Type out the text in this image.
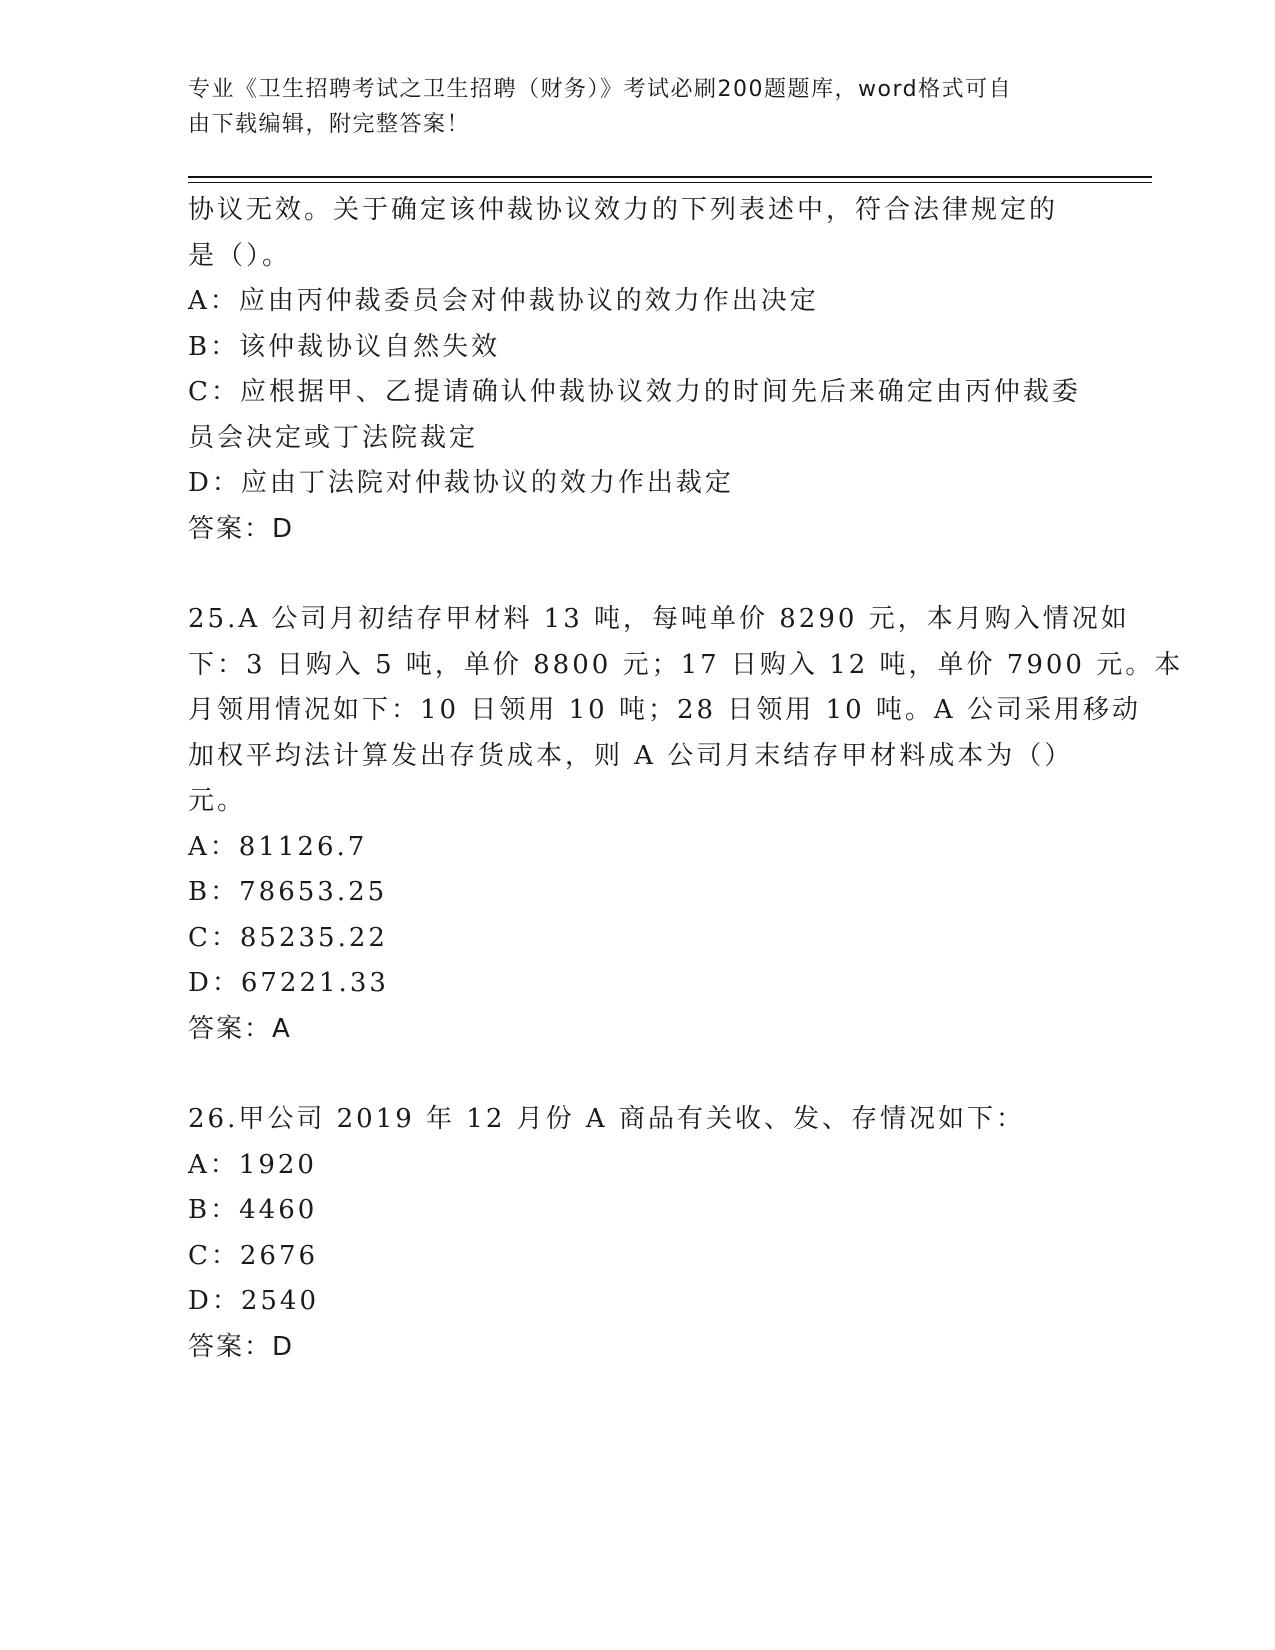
专业《卫生招聘考试之卫生招聘（财务）》考试必刷200题题库，word格式可自
由下载编辑，附完整答案！
协议无效。关于确定该仲裁协议效力的下列表述中，符合法律规定的
是（）。
A：应由丙仲裁委员会对仲裁协议的效力作出决定
B：该仲裁协议自然失效
C：应根据甲、乙提请确认仲裁协议效力的时间先后来确定由丙仲裁委
员会决定或丁法院裁定
D：应由丁法院对仲裁协议的效力作出裁定
答案：D
25.A 公司月初结存甲材料 13 吨，每吨单价 8290 元，本月购入情况如
下：3 日购入 5 吨，单价 8800 元；17 日购入 12 吨，单价 7900 元。本
月领用情况如下：10 日领用 10 吨；28 日领用 10 吨。A 公司采用移动
加权平均法计算发出存货成本，则 A 公司月末结存甲材料成本为（）
元。
A：81126.7
B：78653.25
C：85235.22
D：67221.33
答案：A
26.甲公司 2019 年 12 月份 A 商品有关收、发、存情况如下：
A：1920
B：4460
C：2676
D：2540
答案：D
